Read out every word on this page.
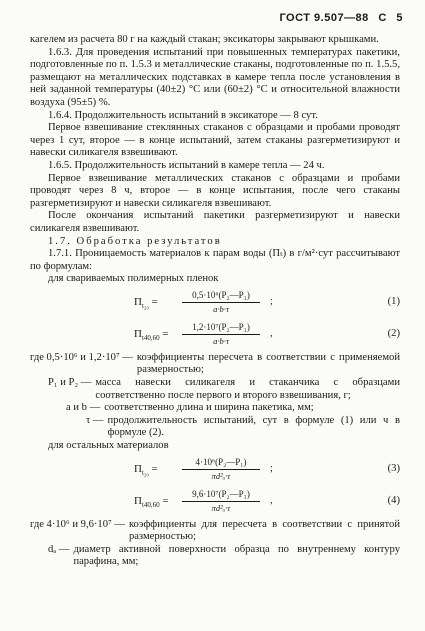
ГОСТ 9.507—88 С 5

кагелем из расчета 80 г на каждый стакан; эксикаторы закрывают крышками.

1.6.3. Для проведения испытаний при повышенных температурах пакетики, подготовленные по п. 1.5.3 и металлические стаканы, подготовленные по п. 1.5.5, размещают на металлических подставках в камере тепла после установления в ней заданной температуры (40±2) °С или (60±2) °С и относительной влажности воздуха (95±5) %.

1.6.4. Продолжительность испытаний в эксикаторе — 8 сут.

Первое взвешивание стеклянных стаканов с образцами и пробами проводят через 1 сут, второе — в конце испытаний, затем стаканы разгерметизируют и навески силикагеля взвешивают.

1.6.5. Продолжительность испытаний в камере тепла — 24 ч.

Первое взвешивание металлических стаканов с образцами и пробами проводят через 8 ч, второе — в конце испытания, после чего стаканы разгерметизируют и навески силикагеля взвешивают.

После окончания испытаний пакетики разгерметизируют и навески силикагеля взвешивают.

1.7. Обработка результатов

1.7.1. Проницаемость материалов к парам воды (Пₜ) в г/м²·сут рассчитывают по формулам:

для свариваемых полимерных пленок

$П_{t_{20}}$ =	$\frac{\text{0,5·10⁶(P₂—P₁)}}{a\cdot b\cdot\tau}$ ;	(1)
$П_{t40,60} = \frac{\text{1,2·10⁷(P₂—P₁)}}{a\cdot b\cdot\tau}$ ,	(2)
где 0,5·10⁶ и 1,2·10⁷ — коэффициенты пересчета в соответствии с применяемой размерностью;
P₁ и P₂ — масса навески силикагеля и стаканчика с образцами соответственно после первого и второго взвешивания, г;
a и b — соответственно длина и ширина пакетика, мм;
τ — продолжительность испытаний, сут в формуле (1) или ч в формуле (2).

для остальных материалов

$П_{t_{20}}$ =	$\frac{\text{4·10⁶(P₂—P₁)}}{\text{πd²ₐ·τ}}$ ;	(3)
$П_{t40,60} = \frac{\text{9,6·10⁷(P₂—P₁)}}{\text{πd²ₐ·τ}}$ ,	(4)
где 4·10⁶ и 9,6·10⁷ — коэффициенты для пересчета в соответствии с принятой размерностью;
dₐ — диаметр активной поверхности образца по внутреннему контуру парафина, мм;
